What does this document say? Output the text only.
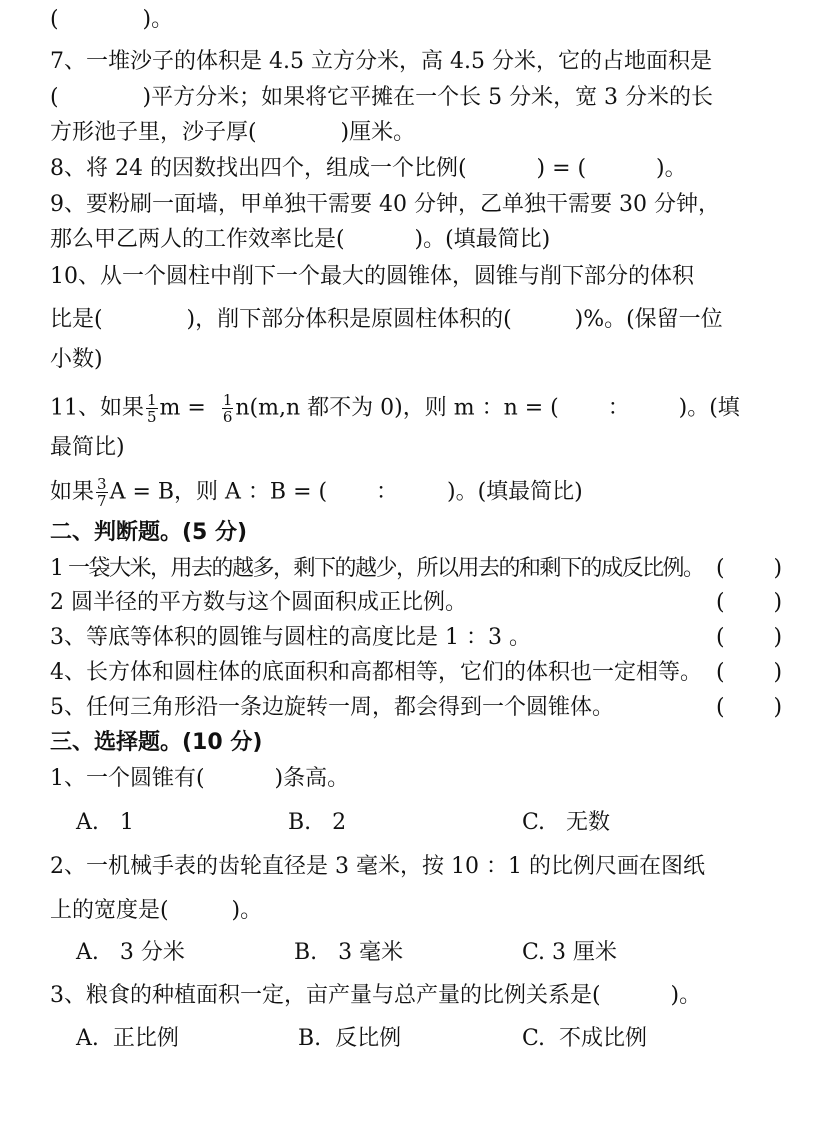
(            )。
7、一堆沙子的体积是 4.5 立方分米，高 4.5 分米，它的占地面积是
(            )平方分米；如果将它平摊在一个长 5 分米，宽 3 分米的长
方形池子里，沙子厚(            )厘米。
8、将 24 的因数找出四个，组成一个比例(          ) = (          )。
9、要粉刷一面墙，甲单独干需要 40 分钟，乙单独干需要 30 分钟，
那么甲乙两人的工作效率比是(          )。(填最简比)
10、从一个圆柱中削下一个最大的圆锥体，圆锥与削下部分的体积
比是(            )，削下部分体积是原圆柱体积的(         )%。(保留一位
小数)
11、如果 $\frac{1}{5}$ $m = \frac{1}{6} n(m,n$ 都不为 0)，则 m ：n = (       ：       )。(填
最简比)
如果 $\frac{3}{7}$ A = B，则 A ：B = (       ：       )。(填最简比)
二、判断题。(5 分)
1 一袋大米，用去的越多，剩下的越少，所以用去的和剩下的成反比例。 (       )
2 圆半径的平方数与这个圆面积成正比例。	(       )
3、等底等体积的圆锥与圆柱的高度比是 1 ：3 。	(       )
4、长方体和圆柱体的底面积和高都相等，它们的体积也一定相等。 (       )
5、任何三角形沿一条边旋转一周，都会得到一个圆锥体。	(       )
三、选择题。(10 分)
1、一个圆锥有(          )条高。
A.   1	B.   2	C.   无数
2、一机械手表的齿轮直径是 3 毫米，按 10 ：1 的比例尺画在图纸
上的宽度是(         )。
A.   3 分米	B.   3 毫米	C. 3 厘米
3、粮食的种植面积一定，亩产量与总产量的比例关系是(          )。
A.  正比例	B.  反比例	C.  不成比例
